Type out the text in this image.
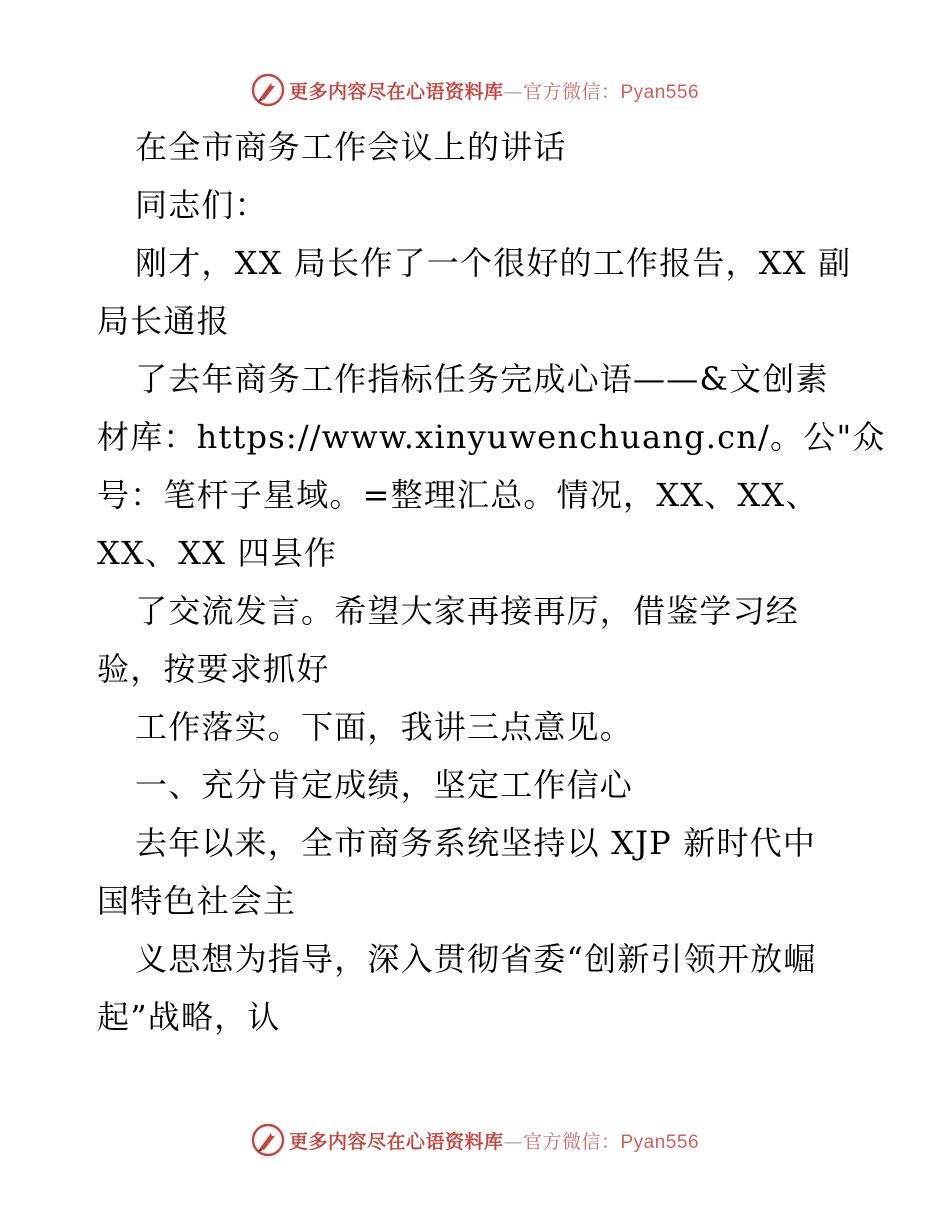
更多内容尽在心语资料库—官方微信：Pyan556
在全市商务工作会议上的讲话
同志们：
刚才，XX 局长作了一个很好的工作报告，XX 副
局长通报
了去年商务工作指标任务完成心语——&文创素
材库：https://www.xinyuwenchuang.cn/。公"众
号：笔杆子星域。=整理汇总。情况，XX、XX、
XX、XX 四县作
了交流发言。希望大家再接再厉，借鉴学习经
验，按要求抓好
工作落实。下面，我讲三点意见。
一、充分肯定成绩，坚定工作信心
去年以来，全市商务系统坚持以 XJP 新时代中
国特色社会主
义思想为指导，深入贯彻省委“创新引领开放崛
起”战略，认
更多内容尽在心语资料库—官方微信：Pyan556
